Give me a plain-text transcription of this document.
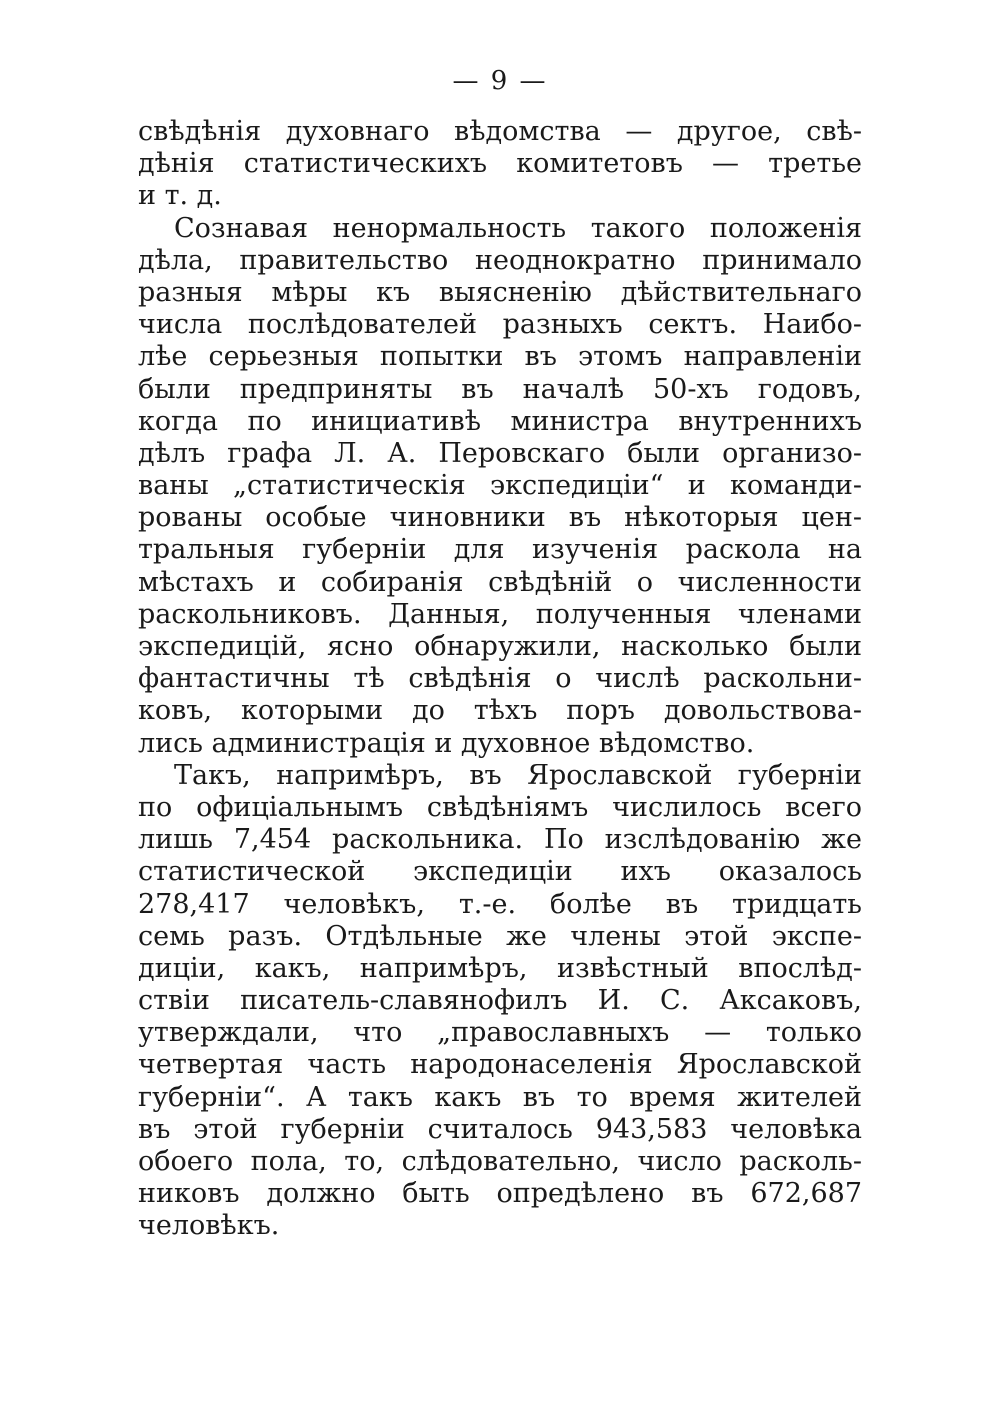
— 9 —
свѣдѣнія духовнаго вѣдомства — другое, свѣ-
дѣнія статистическихъ комитетовъ — третье
и т. д.
Сознавая ненормальность такого положенія
дѣла, правительство неоднократно принимало
разныя мѣры къ выясненію дѣйствительнаго
числа послѣдователей разныхъ сектъ. Наибо-
лѣе серьезныя попытки въ этомъ направленіи
были предприняты въ началѣ 50-хъ годовъ,
когда по инициативѣ министра внутреннихъ
дѣлъ графа Л. А. Перовскаго были организо-
ваны „статистическія экспедиціи“ и команди-
рованы особые чиновники въ нѣкоторыя цен-
тральныя губерніи для изученія раскола на
мѣстахъ и собиранія свѣдѣній о численности
раскольниковъ. Данныя, полученныя членами
экспедицій, ясно обнаружили, насколько были
фантастичны тѣ свѣдѣнія о числѣ раскольни-
ковъ, которыми до тѣхъ поръ довольствова-
лись администрація и духовное вѣдомство.
Такъ, напримѣръ, въ Ярославской губерніи
по офиціальнымъ свѣдѣніямъ числилось всего
лишь 7,454 раскольника. По изслѣдованію же
статистической экспедиціи ихъ оказалось
278,417 человѣкъ, т.-е. болѣе въ тридцать
семь разъ. Отдѣльные же члены этой экспе-
диціи, какъ, напримѣръ, извѣстный впослѣд-
ствіи писатель-славянофилъ И. С. Аксаковъ,
утверждали, что „православныхъ — только
четвертая часть народонаселенія Ярославской
губерніи“. А такъ какъ въ то время жителей
въ этой губерніи считалось 943,583 человѣка
обоего пола, то, слѣдовательно, число расколь-
никовъ должно быть опредѣлено въ 672,687
человѣкъ.
